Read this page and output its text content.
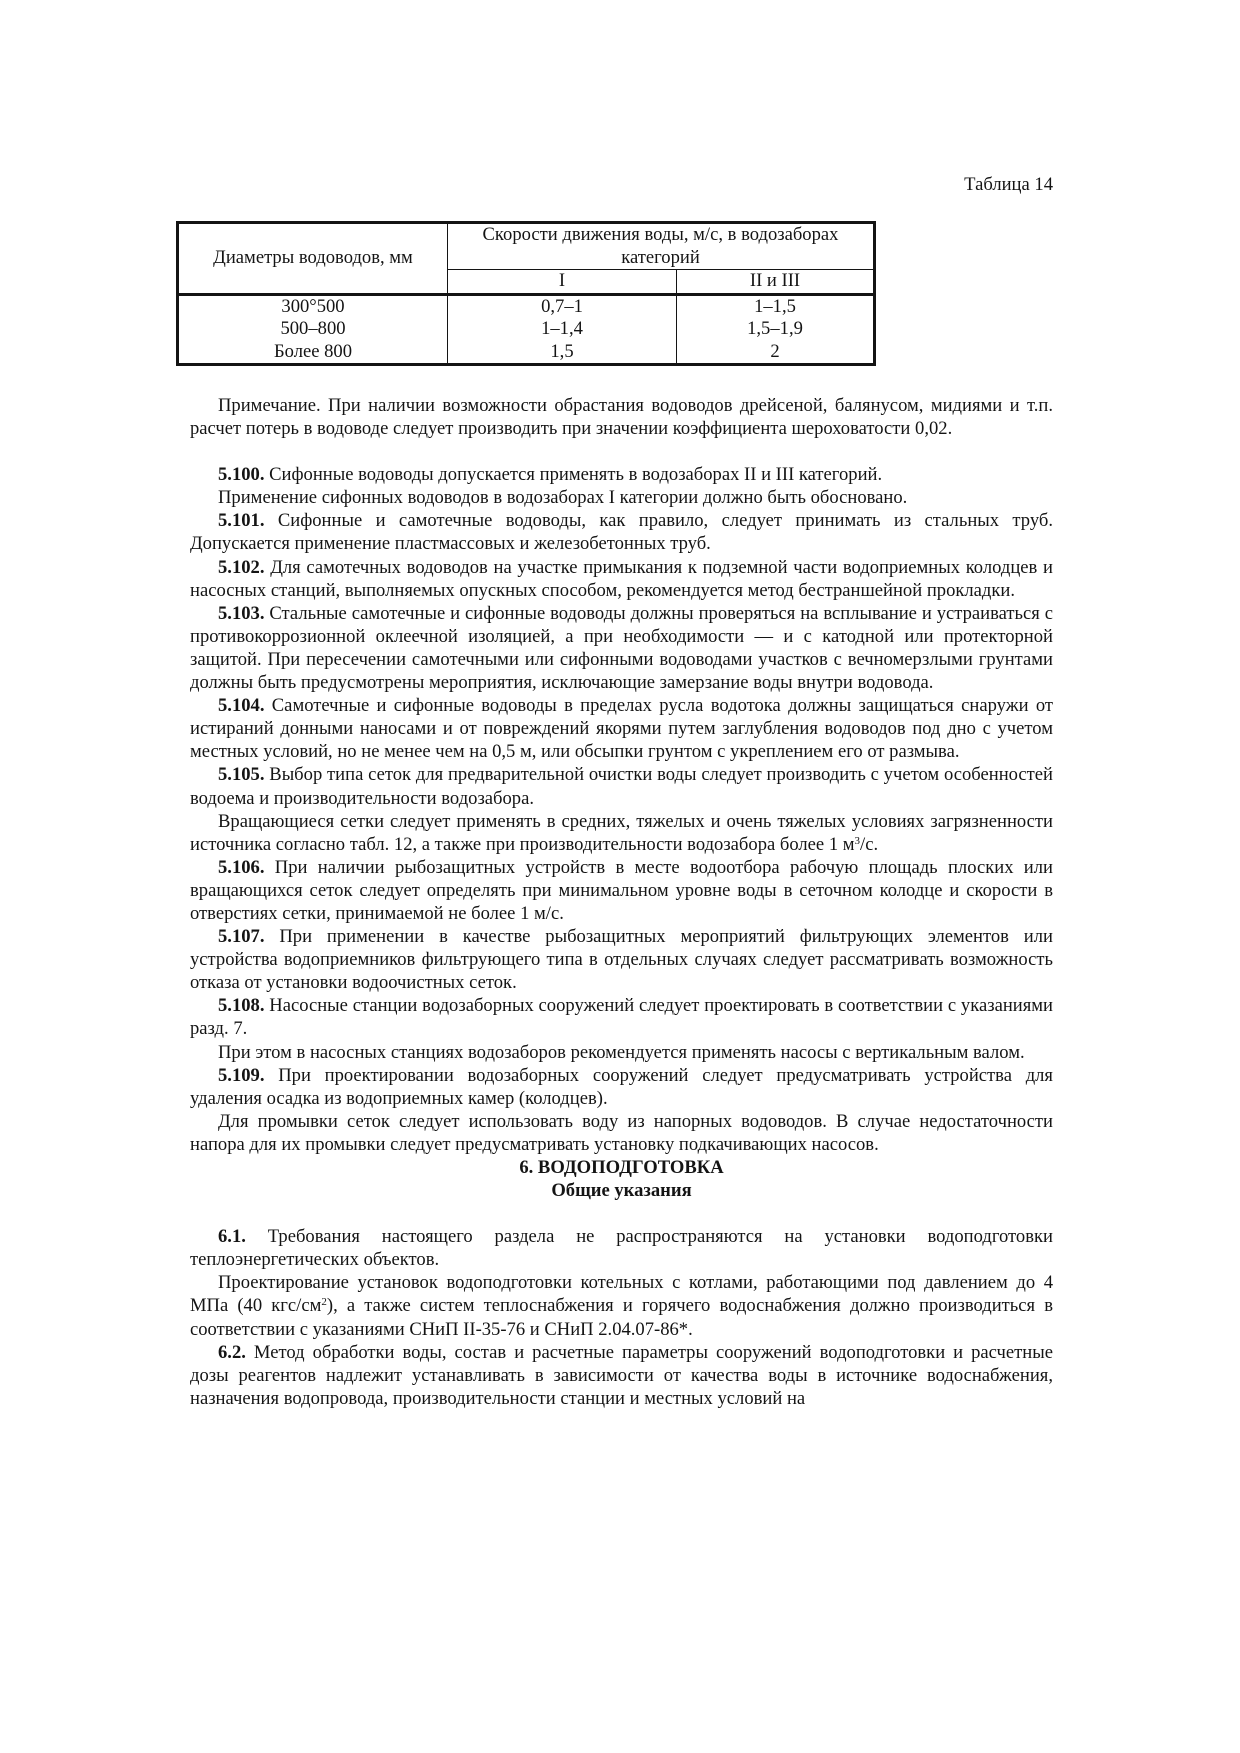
Таблица 14
Диаметры водоводов, мм	Скорости движения воды, м/с, в водозаборах категорий	
	I	II и III
300°500	0,7–1	1–1,5
500–800	1–1,4	1,5–1,9
Более 800	1,5	2

Примечание. При наличии возможности обрастания водоводов дрейсеной, балянусом, мидиями и т.п. расчет потерь в водоводе следует производить при значении коэффициента шероховатости 0,02.

5.100. Сифонные водоводы допускается применять в водозаборах II и III категорий.

Применение сифонных водоводов в водозаборах I категории должно быть обосновано.

5.101. Сифонные и самотечные водоводы, как правило, следует принимать из стальных труб. Допускается применение пластмассовых и железобетонных труб.

5.102. Для самотечных водоводов на участке примыкания к подземной части водоприемных колодцев и насосных станций, выполняемых опускных способом, рекомендуется метод бестраншейной прокладки.

5.103. Стальные самотечные и сифонные водоводы должны проверяться на всплывание и устраиваться с противокоррозионной оклеечной изоляцией, а при необходимости — и с катодной или протекторной защитой. При пересечении самотечными или сифонными водоводами участков с вечномерзлыми грунтами должны быть предусмотрены мероприятия, исключающие замерзание воды внутри водовода.

5.104. Самотечные и сифонные водоводы в пределах русла водотока должны защищаться снаружи от истираний донными наносами и от повреждений якорями путем заглубления водоводов под дно с учетом местных условий, но не менее чем на 0,5 м, или обсыпки грунтом с укреплением его от размыва.

5.105. Выбор типа сеток для предварительной очистки воды следует производить с учетом особенностей водоема и производительности водозабора.

Вращающиеся сетки следует применять в средних, тяжелых и очень тяжелых условиях загрязненности источника согласно табл. 12, а также при производительности водозабора более 1 $м^3/с$.

5.106. При наличии рыбозащитных устройств в месте водоотбора рабочую площадь плоских или вращающихся сеток следует определять при минимальном уровне воды в сеточном колодце и скорости в отверстиях сетки, принимаемой не более 1 м/с.

5.107. При применении в качестве рыбозащитных мероприятий фильтрующих элементов или устройства водоприемников фильтрующего типа в отдельных случаях следует рассматривать возможность отказа от установки водоочистных сеток.

5.108. Насосные станции водозаборных сооружений следует проектировать в соответствии с указаниями разд. 7.

При этом в насосных станциях водозаборов рекомендуется применять насосы с вертикальным валом.

5.109. При проектировании водозаборных сооружений следует предусматривать устройства для удаления осадка из водоприемных камер (колодцев).

Для промывки сеток следует использовать воду из напорных водоводов. В случае недостаточности напора для их промывки следует предусматривать установку подкачивающих насосов.

6. ВОДОПОДГОТОВКА

Общие указания

6.1. Требования настоящего раздела не распространяются на установки водоподготовки теплоэнергетических объектов.

Проектирование установок водоподготовки котельных с котлами, работающими под давлением до 4 МПа (40 кгс/$см^2$), а также систем теплоснабжения и горячего водоснабжения должно производиться в соответствии с указаниями СНиП II-35-76 и СНиП 2.04.07-86*.

6.2. Метод обработки воды, состав и расчетные параметры сооружений водоподготовки и расчетные дозы реагентов надлежит устанавливать в зависимости от качества воды в источнике водоснабжения, назначения водопровода, производительности станции и местных условий на
